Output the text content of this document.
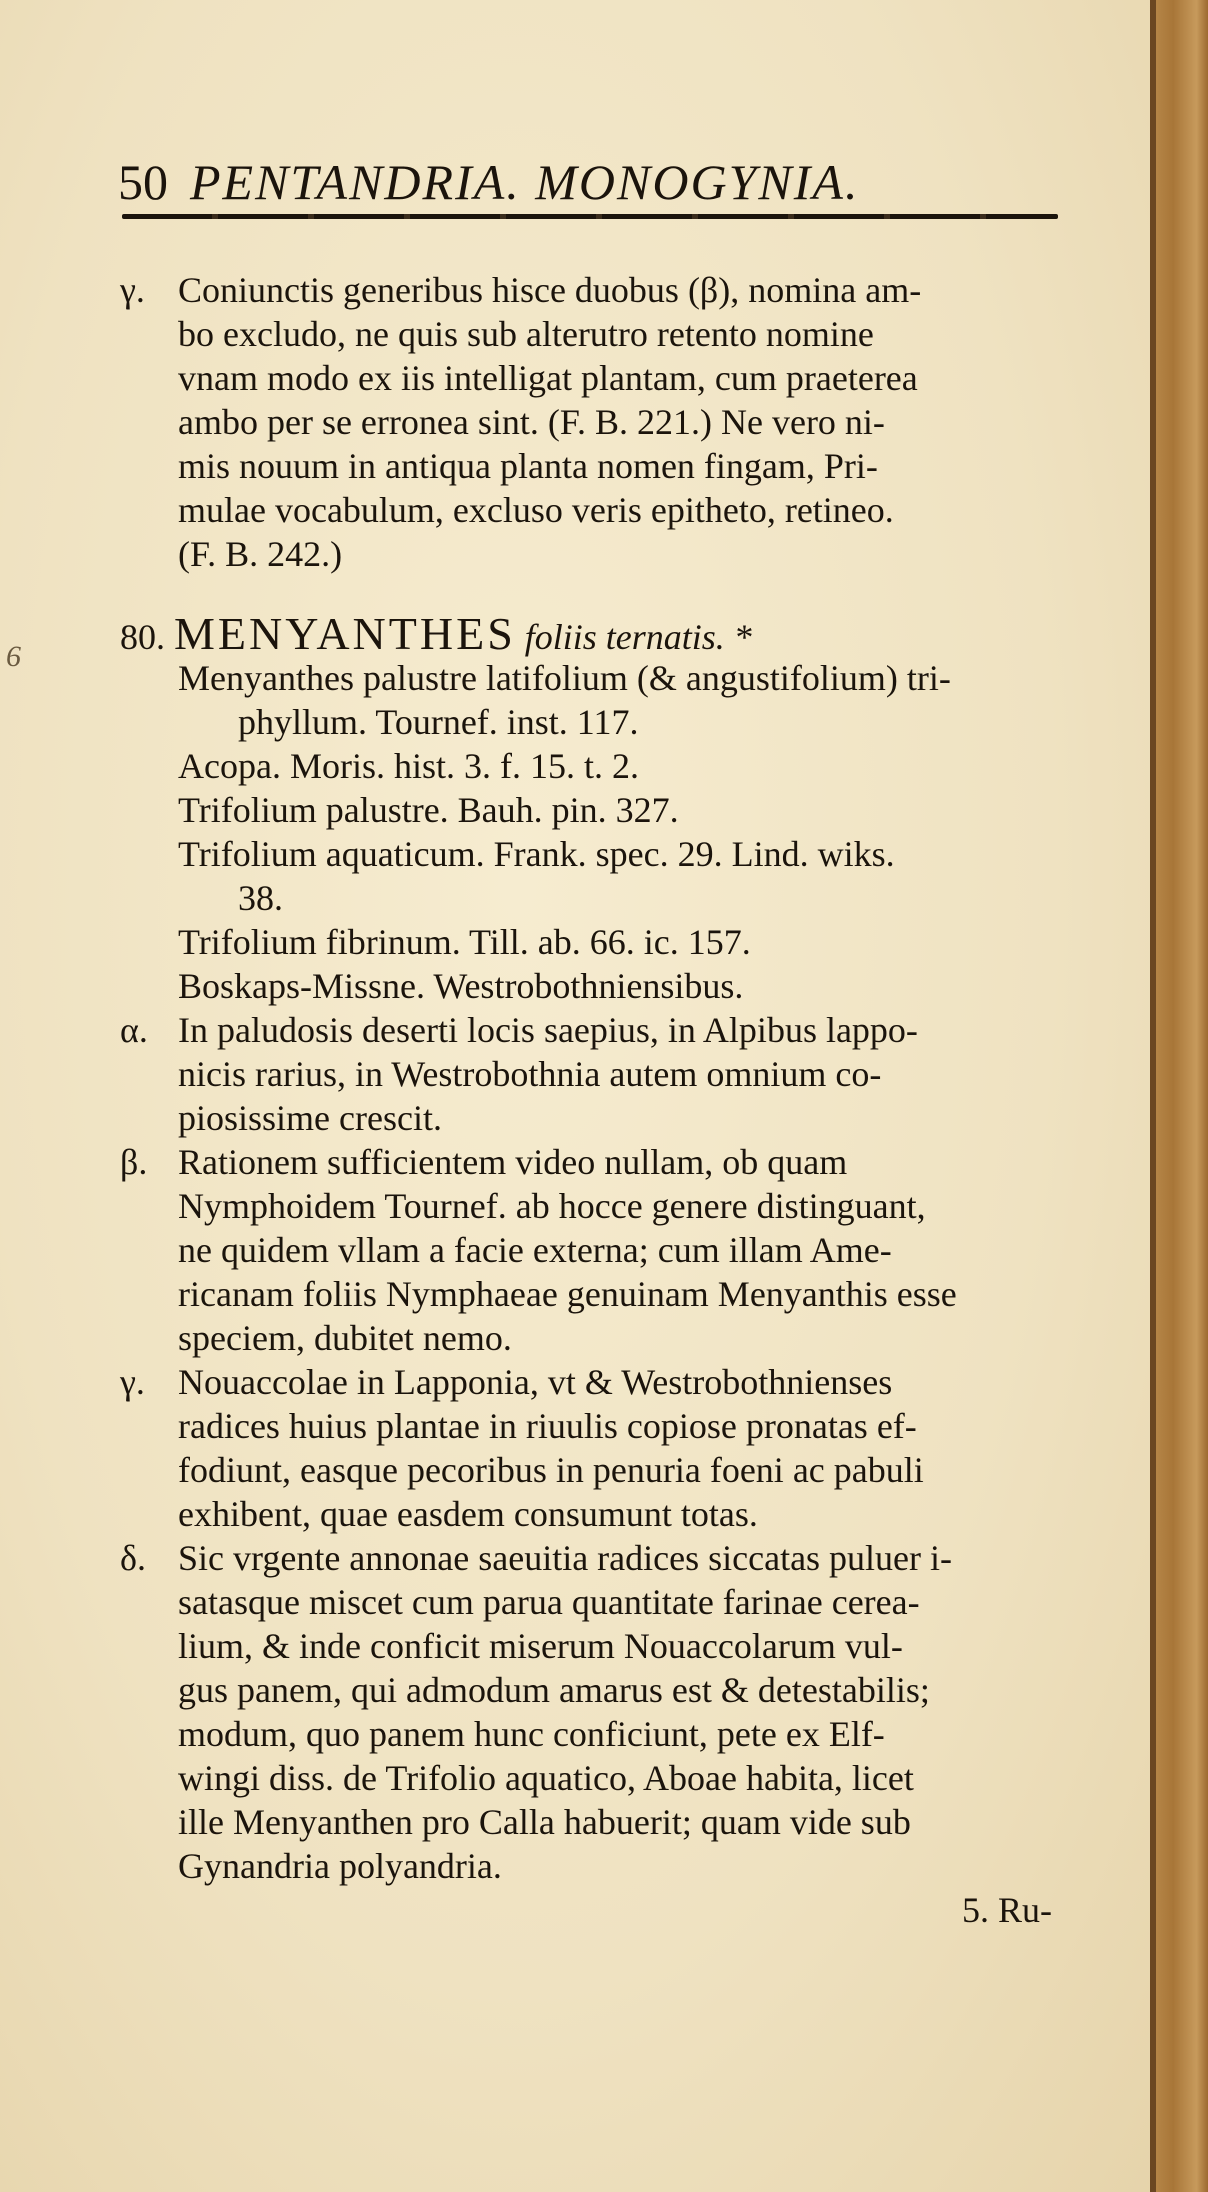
6
50 PENTANDRIA. MONOGYNIA.
γ. Coniunctis generibus hisce duobus (β), nomina am-
bo excludo, ne quis sub alterutro retento nomine
vnam modo ex iis intelligat plantam, cum praeterea
ambo per se erronea sint. (F. B. 221.) Ne vero ni-
mis nouum in antiqua planta nomen fingam, Pri-
mulae vocabulum, excluso veris epitheto, retineo.
(F. B. 242.)
80. MENYANTHES foliis ternatis. *
Menyanthes palustre latifolium (& angustifolium) tri-
phyllum. Tournef. inst. 117.
Acopa. Moris. hist. 3. f. 15. t. 2.
Trifolium palustre. Bauh. pin. 327.
Trifolium aquaticum. Frank. spec. 29. Lind. wiks.
38.
Trifolium fibrinum. Till. ab. 66. ic. 157.
Boskaps-Missne. Westrobothniensibus.
α. In paludosis deserti locis saepius, in Alpibus lappo-
nicis rarius, in Westrobothnia autem omnium co-
piosissime crescit.
β. Rationem sufficientem video nullam, ob quam
Nymphoidem Tournef. ab hocce genere distinguant,
ne quidem vllam a facie externa; cum illam Ame-
ricanam foliis Nymphaeae genuinam Menyanthis esse
speciem, dubitet nemo.
γ. Nouaccolae in Lapponia, vt & Westrobothnienses
radices huius plantae in riuulis copiose pronatas ef-
fodiunt, easque pecoribus in penuria foeni ac pabuli
exhibent, quae easdem consumunt totas.
δ. Sic vrgente annonae saeuitia radices siccatas puluer i-
satasque miscet cum parua quantitate farinae cerea-
lium, & inde conficit miserum Nouaccolarum vul-
gus panem, qui admodum amarus est & detestabilis;
modum, quo panem hunc conficiunt, pete ex Elf-
wingi diss. de Trifolio aquatico, Aboae habita, licet
ille Menyanthen pro Calla habuerit; quam vide sub
Gynandria polyandria.
5. Ru-
